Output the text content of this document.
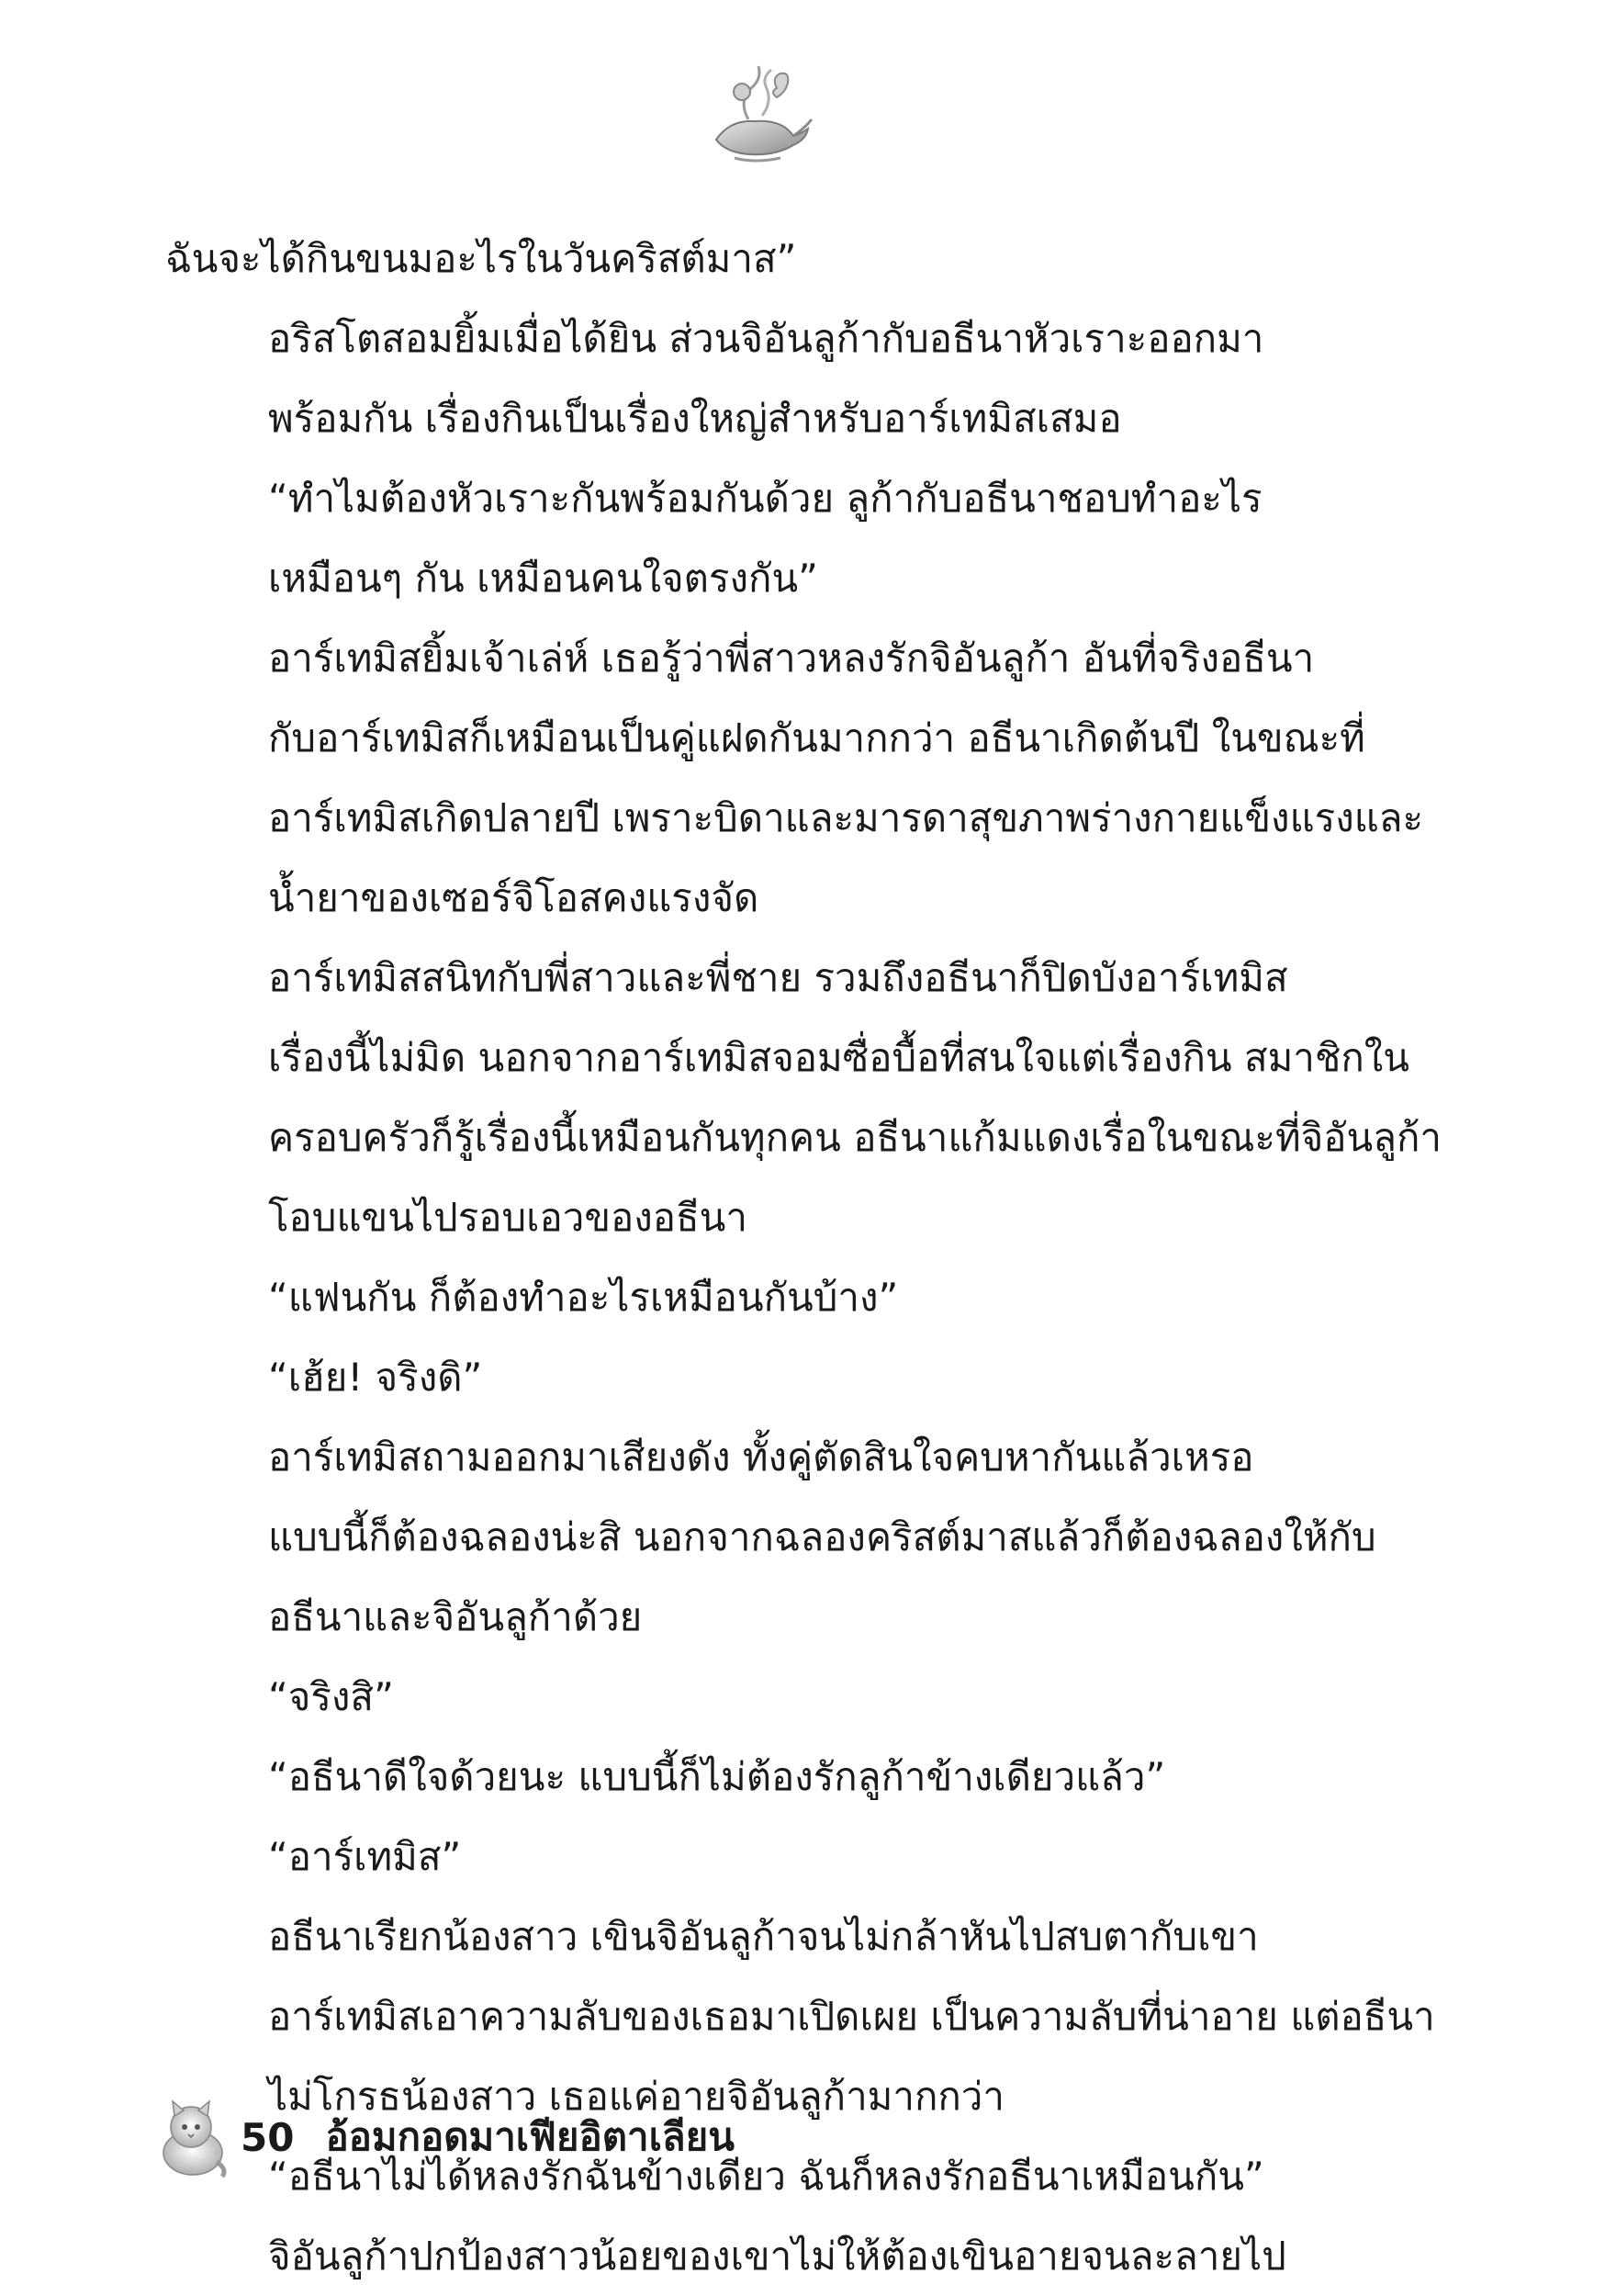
ฉันจะได้กินขนมอะไรในวันคริสต์มาส”

อริสโตสอมยิ้มเมื่อได้ยิน ส่วนจิอันลูก้ากับอธีนาหัวเราะออกมา
พร้อมกัน เรื่องกินเป็นเรื่องใหญ่สำหรับอาร์เทมิสเสมอ

“ทำไมต้องหัวเราะกันพร้อมกันด้วย ลูก้ากับอธีนาชอบทำอะไร
เหมือนๆ กัน เหมือนคนใจตรงกัน”

อาร์เทมิสยิ้มเจ้าเล่ห์ เธอรู้ว่าพี่สาวหลงรักจิอันลูก้า อันที่จริงอธีนา
กับอาร์เทมิสก็เหมือนเป็นคู่แฝดกันมากกว่า อธีนาเกิดต้นปี ในขณะที่
อาร์เทมิสเกิดปลายปี เพราะบิดาและมารดาสุขภาพร่างกายแข็งแรงและ
น้ำยาของเซอร์จิโอสคงแรงจัด

อาร์เทมิสสนิทกับพี่สาวและพี่ชาย รวมถึงอธีนาก็ปิดบังอาร์เทมิส
เรื่องนี้ไม่มิด นอกจากอาร์เทมิสจอมซื่อบื้อที่สนใจแต่เรื่องกิน สมาชิกใน
ครอบครัวก็รู้เรื่องนี้เหมือนกันทุกคน อธีนาแก้มแดงเรื่อในขณะที่จิอันลูก้า
โอบแขนไปรอบเอวของอธีนา

“แฟนกัน ก็ต้องทำอะไรเหมือนกันบ้าง”

“เฮ้ย! จริงดิ”

อาร์เทมิสถามออกมาเสียงดัง ทั้งคู่ตัดสินใจคบหากันแล้วเหรอ
แบบนี้ก็ต้องฉลองน่ะสิ นอกจากฉลองคริสต์มาสแล้วก็ต้องฉลองให้กับ
อธีนาและจิอันลูก้าด้วย

“จริงสิ”

“อธีนาดีใจด้วยนะ แบบนี้ก็ไม่ต้องรักลูก้าข้างเดียวแล้ว”

“อาร์เทมิส”

อธีนาเรียกน้องสาว เขินจิอันลูก้าจนไม่กล้าหันไปสบตากับเขา
อาร์เทมิสเอาความลับของเธอมาเปิดเผย เป็นความลับที่น่าอาย แต่อธีนา
ไม่โกรธน้องสาว เธอแค่อายจิอันลูก้ามากกว่า

“อธีนาไม่ได้หลงรักฉันข้างเดียว ฉันก็หลงรักอธีนาเหมือนกัน”

จิอันลูก้าปกป้องสาวน้อยของเขาไม่ให้ต้องเขินอายจนละลายไป

50 อ้อมกอดมาเฟียอิตาเลียน
